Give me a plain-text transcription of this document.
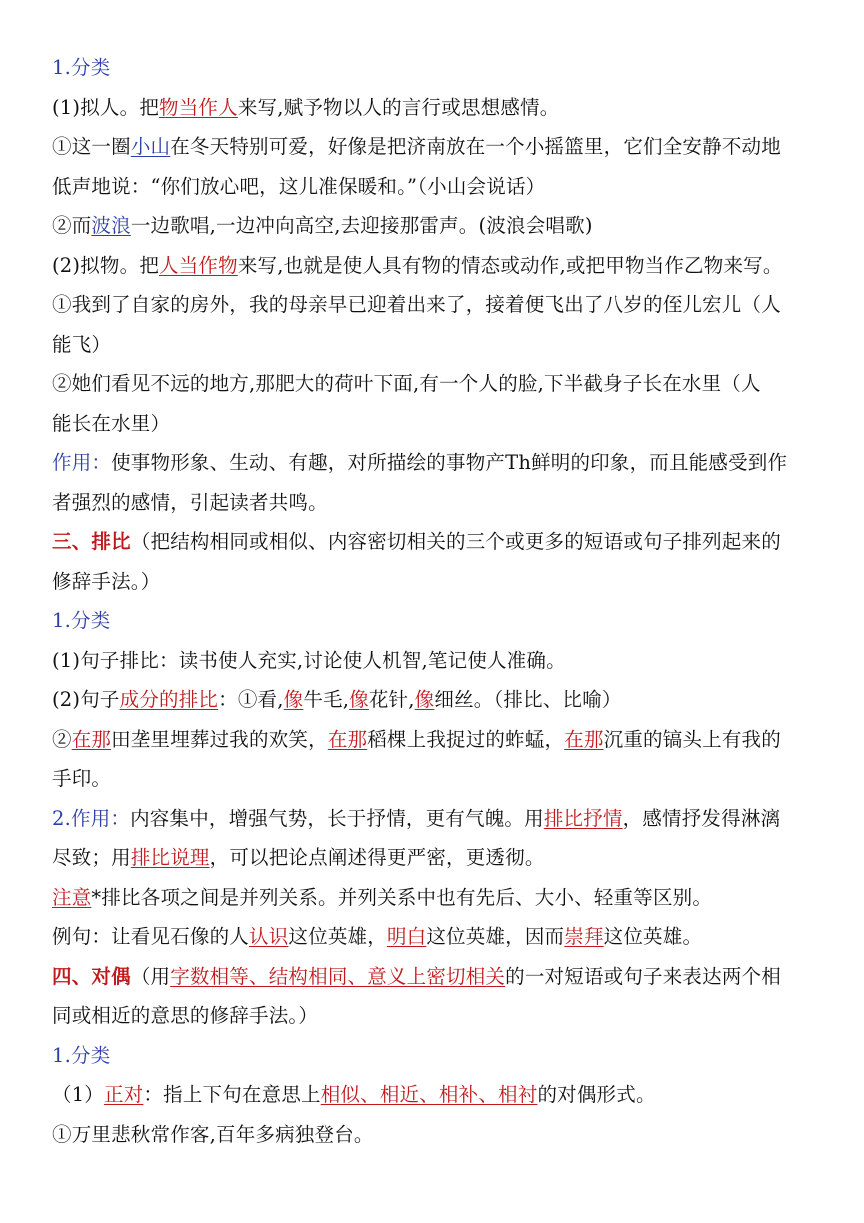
1.分类
(1)拟人。把物当作人来写,赋予物以人的言行或思想感情。
①这一圈小山在冬天特别可爱，好像是把济南放在一个小摇篮里，它们全安静不动地
低声地说：“你们放心吧，这儿准保暖和。”（小山会说话）
②而波浪一边歌唱,一边冲向高空,去迎接那雷声。(波浪会唱歌)
(2)拟物。把人当作物来写,也就是使人具有物的情态或动作,或把甲物当作乙物来写。
①我到了自家的房外，我的母亲早已迎着出来了，接着便飞出了八岁的侄儿宏儿（人
能飞）
②她们看见不远的地方,那肥大的荷叶下面,有一个人的脸,下半截身子长在水里（人
能长在水里）
作用：使事物形象、生动、有趣，对所描绘的事物产Th鲜明的印象，而且能感受到作
者强烈的感情，引起读者共鸣。
三、排比（把结构相同或相似、内容密切相关的三个或更多的短语或句子排列起来的
修辞手法。）
1.分类
(1)句子排比：读书使人充实,讨论使人机智,笔记使人准确。
(2)句子成分的排比：①看,像牛毛,像花针,像细丝。（排比、比喻）
②在那田垄里埋葬过我的欢笑，在那稻棵上我捉过的蚱蜢，在那沉重的镐头上有我的
手印。
2.作用：内容集中，增强气势，长于抒情，更有气魄。用排比抒情，感情抒发得淋漓
尽致；用排比说理，可以把论点阐述得更严密，更透彻。
注意*排比各项之间是并列关系。并列关系中也有先后、大小、轻重等区别。
例句：让看见石像的人认识这位英雄，明白这位英雄，因而崇拜这位英雄。
四、对偶（用字数相等、结构相同、意义上密切相关的一对短语或句子来表达两个相
同或相近的意思的修辞手法。）
1.分类
（1）正对：指上下句在意思上相似、相近、相补、相衬的对偶形式。
①万里悲秋常作客,百年多病独登台。
